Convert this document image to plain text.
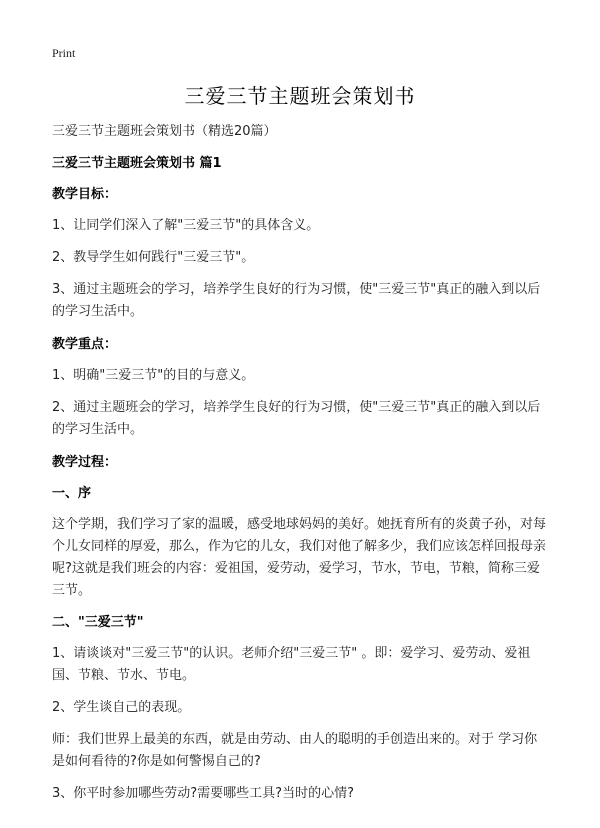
Print
三爱三节主题班会策划书

三爱三节主题班会策划书（精选20篇）

三爱三节主题班会策划书 篇1

教学目标：

1、让同学们深入了解"三爱三节"的具体含义。

2、教导学生如何践行"三爱三节"。

3、通过主题班会的学习，培养学生良好的行为习惯，使"三爱三节"真正的融入到以后的学习生活中。

教学重点：

1、明确"三爱三节"的目的与意义。

2、通过主题班会的学习，培养学生良好的行为习惯，使"三爱三节"真正的融入到以后的学习生活中。

教学过程：

一、序

这个学期，我们学习了家的温暖，感受地球妈妈的美好。她抚育所有的炎黄子孙，对每个儿女同样的厚爱，那么，作为它的儿女，我们对他了解多少，我们应该怎样回报母亲呢?这就是我们班会的内容：爱祖国，爱劳动，爱学习，节水，节电，节粮，简称三爱 三节。

二、"三爱三节"

1、请谈谈对"三爱三节"的认识。老师介绍"三爱三节" 。即：爱学习、爱劳动、爱祖国、节粮、节水、节电。

2、学生谈自己的表现。

师：我们世界上最美的东西，就是由劳动、由人的聪明的手创造出来的。对于 学习你是如何看待的?你是如何警惕自己的?

3、你平时参加哪些劳动?需要哪些工具?当时的心情?
